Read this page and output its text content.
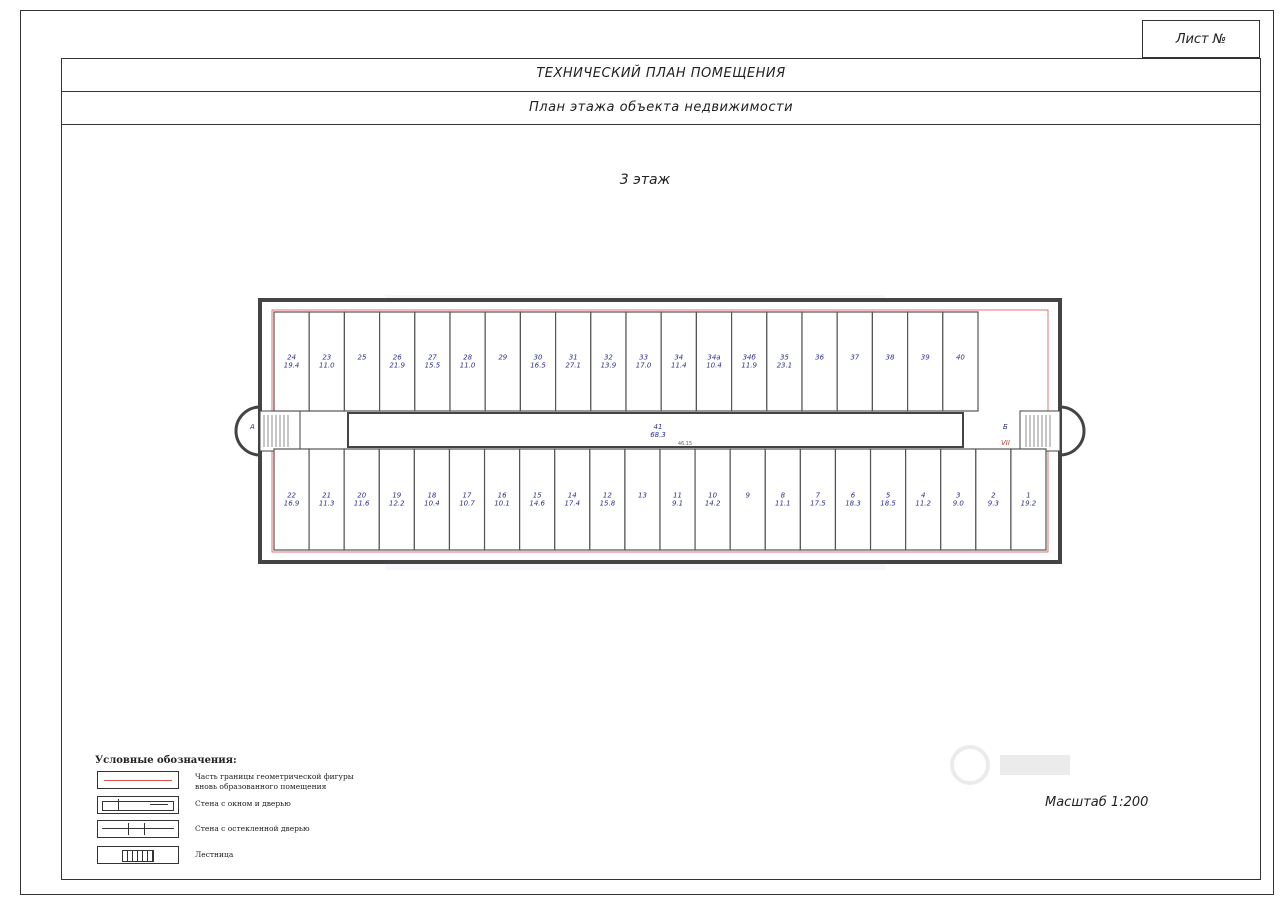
Лист №
ТЕХНИЧЕСКИЙ ПЛАН ПОМЕЩЕНИЯ
План этажа объекта недвижимости
3 этаж
А	Б
VII
41
68.3
46.15
24
19.4
23
11.0
25	26
21.9
27
15.5
28
11.0
29	30
16.5
31
27.1
32
13.9
33
17.0
34
11.4
34а
10.4
34б
11.9
35
23.1
36	37	38	39	40
22
16.9
21
11.3
20
11.6
19
12.2
18
10.4
17
10.7
16
10.1
15
14.6
14
17.4
12
15.8
13	11
9.1
10
14.2
9	8
11.1
7
17.5
6
18.3
5
18.5
4
11.2
3
9.0
2
9.3
1
19.2
Условные обозначения:
Часть границы геометрической фигуры вновь образованного помещения
Стена с окном и дверью
Стена с остекленной дверью
Лестница
Масштаб 1:200
